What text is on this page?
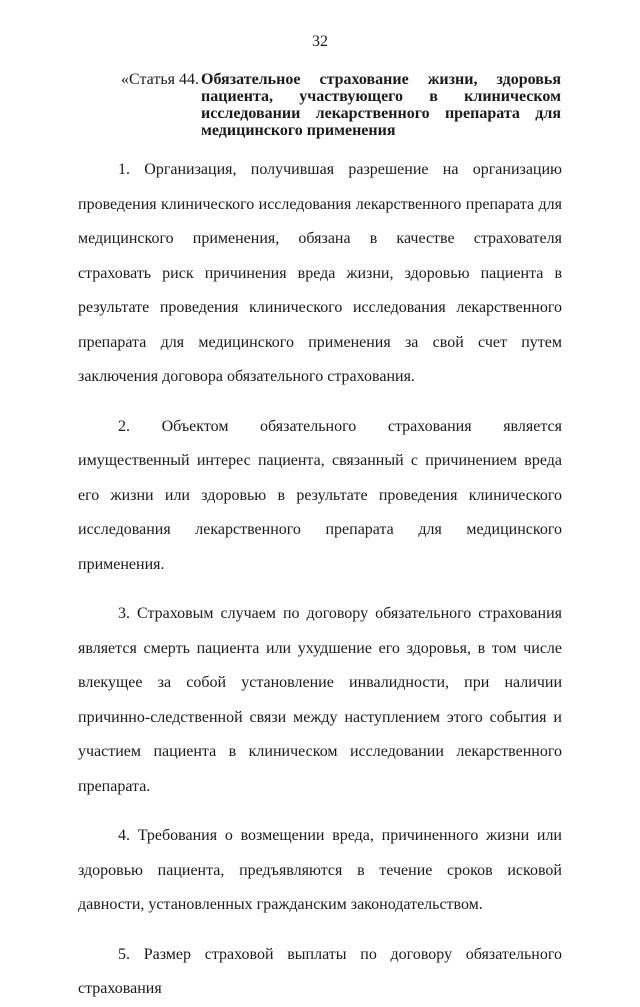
32
«Статья 44. Обязательное страхование жизни, здоровья пациента, участвующего в клиническом исследовании лекарственного препарата для медицинского применения

1. Организация, получившая разрешение на организацию проведения клинического исследования лекарственного препарата для медицинского применения, обязана в качестве страхователя страховать риск причинения вреда жизни, здоровью пациента в результате проведения клинического исследования лекарственного препарата для медицинского применения за свой счет путем заключения договора обязательного страхования.

2. Объектом обязательного страхования является имущественный интерес пациента, связанный с причинением вреда его жизни или здоровью в результате проведения клинического исследования лекарственного препарата для медицинского применения.

3. Страховым случаем по договору обязательного страхования является смерть пациента или ухудшение его здоровья, в том числе влекущее за собой установление инвалидности, при наличии причинно-следственной связи между наступлением этого события и участием пациента в клиническом исследовании лекарственного препарата.

4. Требования о возмещении вреда, причиненного жизни или здоровью пациента, предъявляются в течение сроков исковой давности, установленных гражданским законодательством.

5. Размер страховой выплаты по договору обязательного страхования
